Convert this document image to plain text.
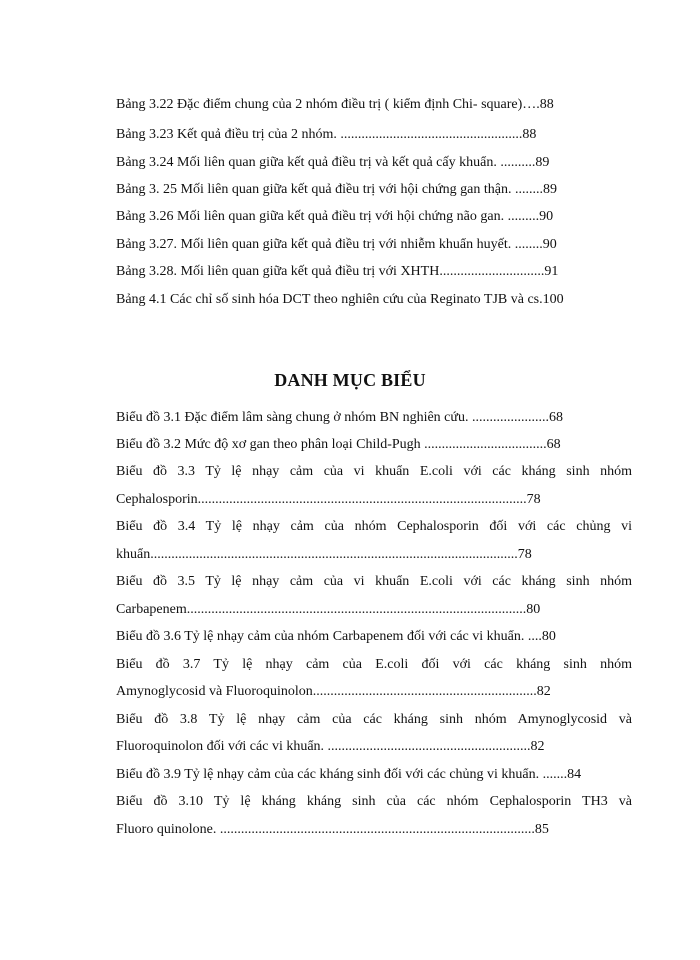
Bảng 3.22 Đặc điểm chung của 2 nhóm điều trị ( kiểm định Chi- square)….88
Bảng 3.23 Kết quả điều trị của 2 nhóm. ....................................................88
Bảng 3.24 Mối liên quan giữa kết quả điều trị và kết quả cấy khuẩn. ..........89
Bảng 3. 25 Mối liên quan giữa kết quả điều trị với hội chứng gan thận. ........89
Bảng 3.26 Mối liên quan giữa kết quả điều trị với hội chứng não gan. .........90
Bảng 3.27. Mối liên quan giữa kết quả điều trị với nhiễm khuẩn huyết. ........90
Bảng 3.28. Mối liên quan giữa kết quả điều trị với XHTH..............................91
Bảng 4.1 Các chỉ số sinh hóa DCT theo nghiên cứu của Reginato TJB và cs.100
DANH MỤC BIỂU
Biểu đồ 3.1 Đặc điểm lâm sàng chung ở nhóm BN nghiên cứu. ......................68
Biểu đồ 3.2 Mức độ xơ gan theo phân loại Child-Pugh ...................................68
Biểu đồ 3.3 Tỷ lệ nhạy cảm của vi khuẩn E.coli với các kháng sinh nhóm
Cephalosporin..............................................................................................78
Biểu đồ 3.4 Tỷ lệ nhạy cảm của nhóm Cephalosporin đối với các chủng vi
khuẩn.........................................................................................................78
Biểu đồ 3.5 Tỷ lệ nhạy cảm của vi khuẩn E.coli với các kháng sinh nhóm
Carbapenem.................................................................................................80
Biểu đồ 3.6 Tỷ lệ nhạy cảm của nhóm Carbapenem đối với các vi khuẩn. ....80
Biểu đồ 3.7 Tỷ lệ nhạy cảm của E.coli đối với các kháng sinh nhóm
Amynoglycosid và Fluoroquinolon................................................................82
Biểu đồ 3.8 Tỷ lệ nhạy cảm của các kháng sinh nhóm Amynoglycosid và
Fluoroquinolon đối với các vi khuẩn. ..........................................................82
Biểu đồ 3.9 Tỷ lệ nhạy cảm của các kháng sinh đối với các chủng vi khuẩn. .......84
Biểu đồ 3.10 Tỷ lệ kháng kháng sinh của các nhóm Cephalosporin TH3 và
Fluoro quinolone. ..........................................................................................85
